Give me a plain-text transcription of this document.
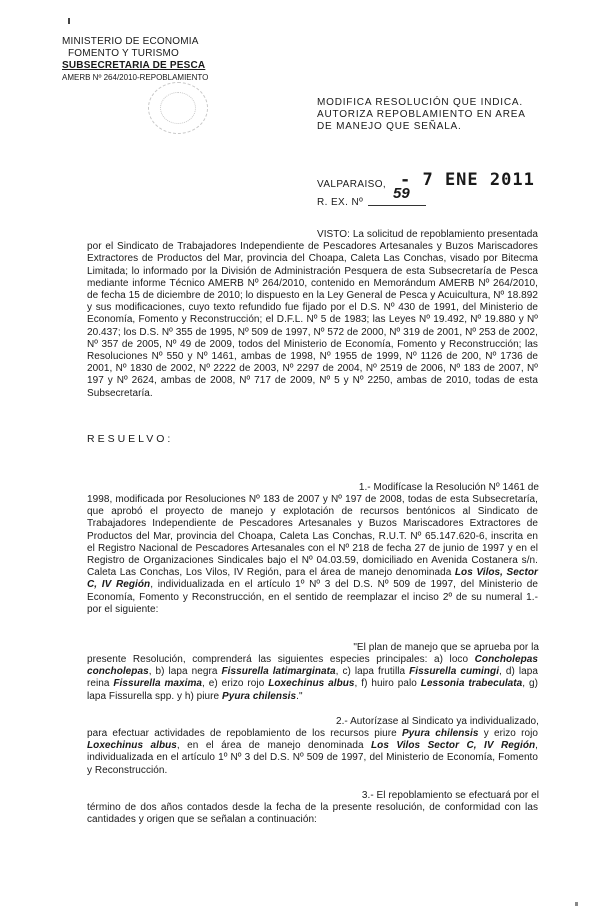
MINISTERIO DE ECONOMIA
FOMENTO Y TURISMO
SUBSECRETARIA DE PESCA
AMERB Nº 264/2010-REPOBLAMIENTO
MODIFICA RESOLUCIÓN QUE INDICA.
AUTORIZA REPOBLAMIENTO EN AREA
DE MANEJO QUE SEÑALA.
VALPARAISO, - 7 ENE 2011
R. EX. Nº
59
VISTO: La solicitud de repoblamiento presentada por el Sindicato de Trabajadores Independiente de Pescadores Artesanales y Buzos Mariscadores Extractores de Productos del Mar, provincia del Choapa, Caleta Las Conchas, visado por Bitecma Limitada; lo informado por la División de Administración Pesquera de esta Subsecretaría de Pesca mediante informe Técnico AMERB Nº 264/2010, contenido en Memorándum AMERB Nº 264/2010, de fecha 15 de diciembre de 2010; lo dispuesto en la Ley General de Pesca y Acuicultura, Nº 18.892 y sus modificaciones, cuyo texto refundido fue fijado por el D.S. Nº 430 de 1991, del Ministerio de Economía, Fomento y Reconstrucción; el D.F.L. Nº 5 de 1983; las Leyes Nº 19.492, Nº 19.880 y Nº 20.437; los D.S. Nº 355 de 1995, Nº 509 de 1997, Nº 572 de 2000, Nº 319 de 2001, Nº 253 de 2002, Nº 357 de 2005, Nº 49 de 2009, todos del Ministerio de Economía, Fomento y Reconstrucción; las Resoluciones Nº 550 y Nº 1461, ambas de 1998, Nº 1955 de 1999, Nº 1126 de 200, Nº 1736 de 2001, Nº 1830 de 2002, Nº 2222 de 2003, Nº 2297 de 2004, Nº 2519 de 2006, Nº 183 de 2007, Nº 197 y Nº 2624, ambas de 2008, Nº 717 de 2009, Nº 5 y Nº 2250, ambas de 2010, todas de esta Subsecretaría.
RESUELVO:
1.- Modifícase la Resolución Nº 1461 de
1998, modificada por Resoluciones Nº 183 de 2007 y Nº 197 de 2008, todas de esta Subsecretaría, que aprobó el proyecto de manejo y explotación de recursos bentónicos al Sindicato de Trabajadores Independiente de Pescadores Artesanales y Buzos Mariscadores Extractores de Productos del Mar, provincia del Choapa, Caleta Las Conchas, R.U.T. Nº 65.147.620-6, inscrita en el Registro Nacional de Pescadores Artesanales con el Nº 218 de fecha 27 de junio de 1997 y en el Registro de Organizaciones Sindicales bajo el Nº 04.03.59, domiciliado en Avenida Costanera s/n. Caleta Las Conchas, Los Vilos, IV Región, para el área de manejo denominada Los Vilos, Sector C, IV Región, individualizada en el artículo 1º Nº 3 del D.S. Nº 509 de 1997, del Ministerio de Economía, Fomento y Reconstrucción, en el sentido de reemplazar el inciso 2º de su numeral 1.- por el siguiente:
"El plan de manejo que se aprueba por la
presente Resolución, comprenderá las siguientes especies principales: a) loco Concholepas concholepas, b) lapa negra Fissurella latimarginata, c) lapa frutilla Fissurella cumingi, d) lapa reina Fissurella maxima, e) erizo rojo Loxechinus albus, f) huiro palo Lessonia trabeculata, g) lapa Fissurella spp. y h) piure Pyura chilensis."
2.- Autorízase al Sindicato ya individualizado,
para efectuar actividades de repoblamiento de los recursos piure Pyura chilensis y erizo rojo Loxechinus albus, en el área de manejo denominada Los Vilos Sector C, IV Región, individualizada en el artículo 1º Nº 3 del D.S. Nº 509 de 1997, del Ministerio de Economía, Fomento y Reconstrucción.
3.- El repoblamiento se efectuará por el
término de dos años contados desde la fecha de la presente resolución, de conformidad con las cantidades y origen que se señalan a continuación:
